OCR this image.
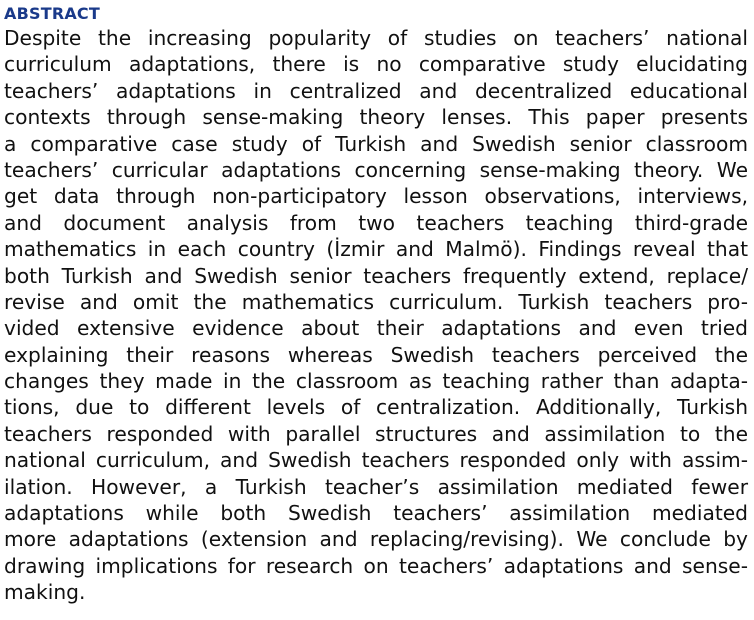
ABSTRACT
Despite the increasing popularity of studies on teachers’ national
curriculum adaptations, there is no comparative study elucidating
teachers’ adaptations in centralized and decentralized educational
contexts through sense-making theory lenses. This paper presents
a comparative case study of Turkish and Swedish senior classroom
teachers’ curricular adaptations concerning sense-making theory. We
get data through non-participatory lesson observations, interviews,
and document analysis from two teachers teaching third-grade
mathematics in each country (İzmir and Malmö). Findings reveal that
both Turkish and Swedish senior teachers frequently extend, replace/
revise and omit the mathematics curriculum. Turkish teachers pro-
vided extensive evidence about their adaptations and even tried
explaining their reasons whereas Swedish teachers perceived the
changes they made in the classroom as teaching rather than adapta-
tions, due to different levels of centralization. Additionally, Turkish
teachers responded with parallel structures and assimilation to the
national curriculum, and Swedish teachers responded only with assim-
ilation. However, a Turkish teacher’s assimilation mediated fewer
adaptations while both Swedish teachers’ assimilation mediated
more adaptations (extension and replacing/revising). We conclude by
drawing implications for research on teachers’ adaptations and sense-
making.
